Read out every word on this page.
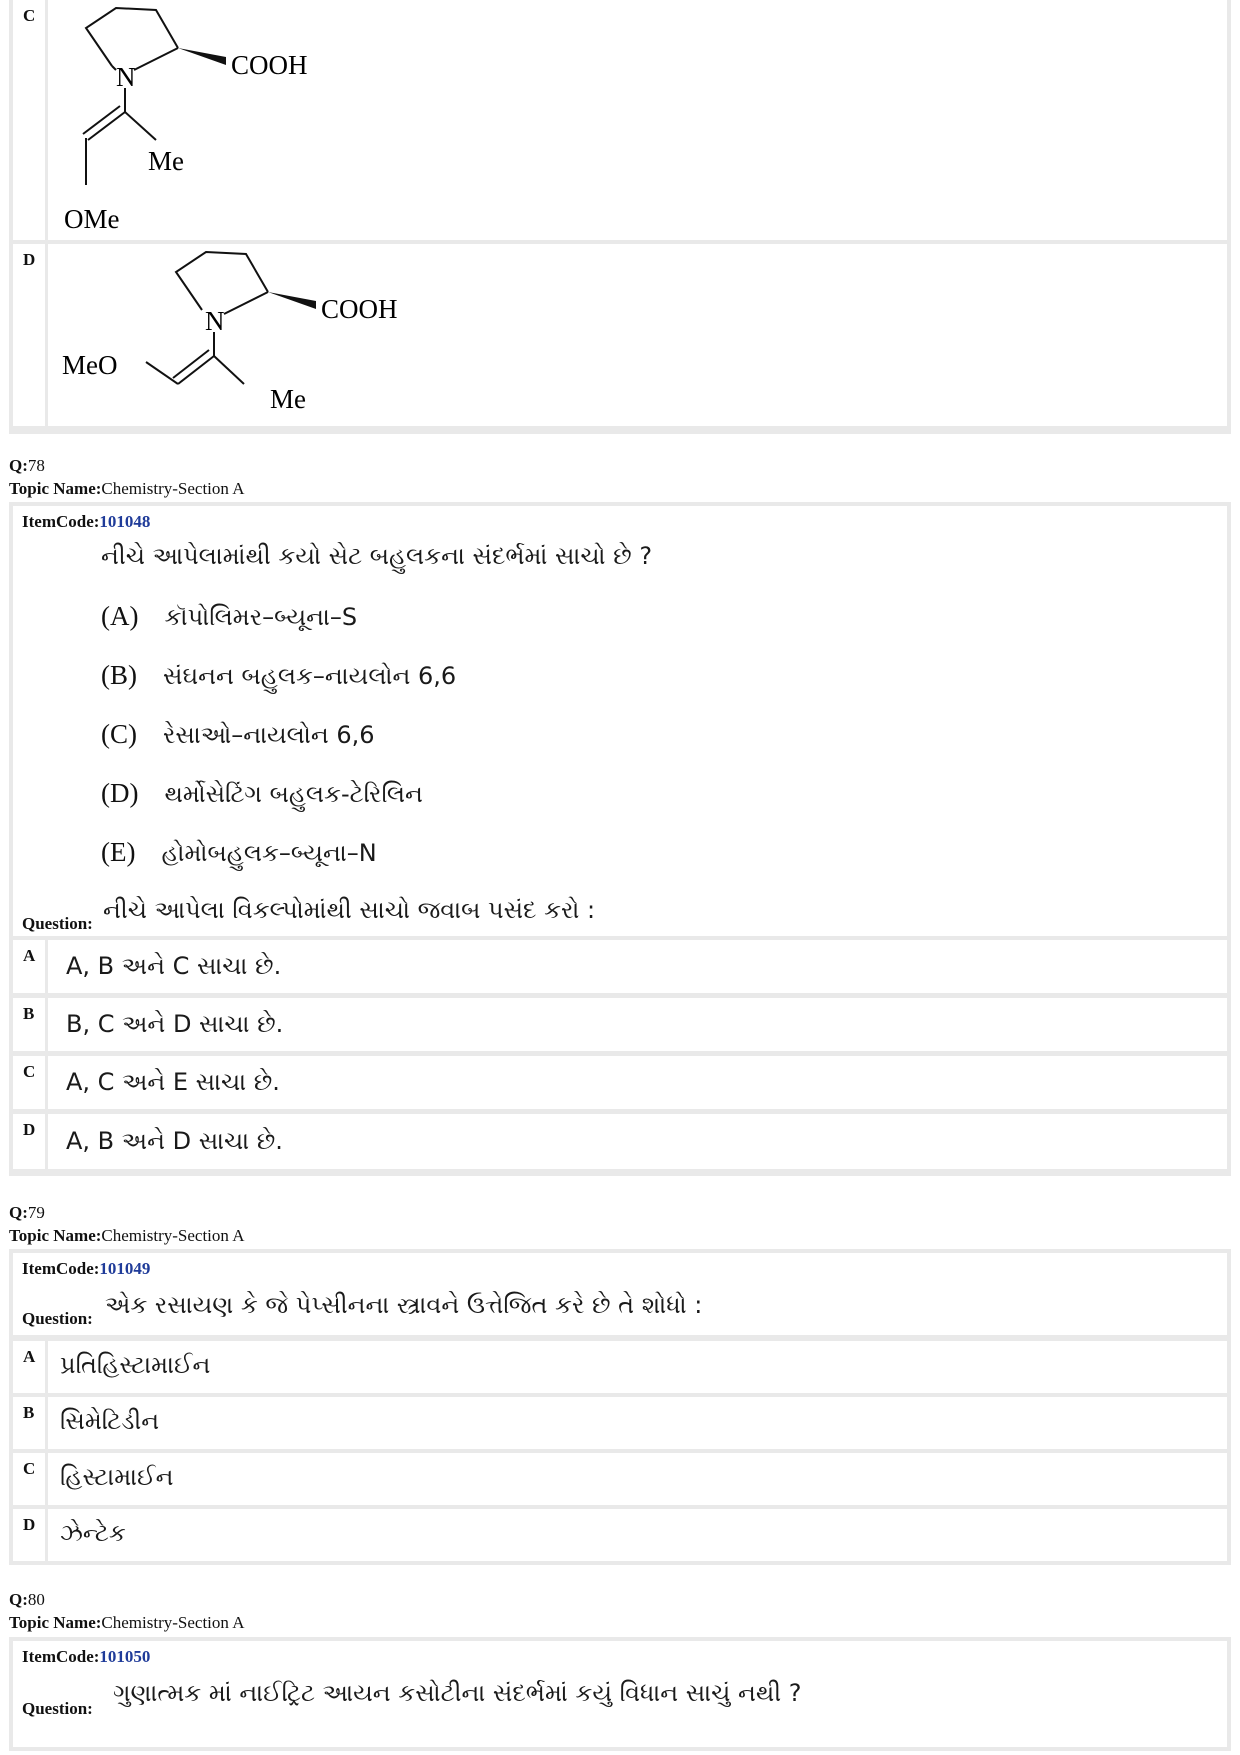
C
COOH
N
Me
OMe
D
COOH
N
MeO
Me
Q:78
Topic Name:Chemistry-Section A
ItemCode:101048
નીચે આપેલામાંથી કયો સેટ બહુલકના સંદર્ભમાં સાચો છે ?
(A) કૉપોલિમર–બ્યૂના–S
(B) સંઘનન બહુલક–નાયલોન 6,6
(C) રેસાઓ–નાયલોન 6,6
(D) થર્મોસેટિંગ બહુલક-ટેરિલિન
(E) હોમોબહુલક–બ્યૂના–N
Question: નીચે આપેલા વિકલ્પોમાંથી સાચો જવાબ પસંદ કરો :
A A, B અને C સાચા છે.
B B, C અને D સાચા છે.
C A, C અને E સાચા છે.
D A, B અને D સાચા છે.
Q:79
Topic Name:Chemistry-Section A
ItemCode:101049
Question: એક રસાયણ કે જે પેપ્સીનના સ્ત્રાવને ઉત્તેજિત કરે છે તે શોધો :
A પ્રતિહિસ્ટામાઈન
B સિમેટિડીન
C હિસ્ટામાઈન
D ઝેન્ટેક
Q:80
Topic Name:Chemistry-Section A
ItemCode:101050
Question:
ગુણાત્મક માં નાઈટ્રિટ આયન કસોટીના સંદર્ભમાં કયું વિધાન સાચું નથી ?
